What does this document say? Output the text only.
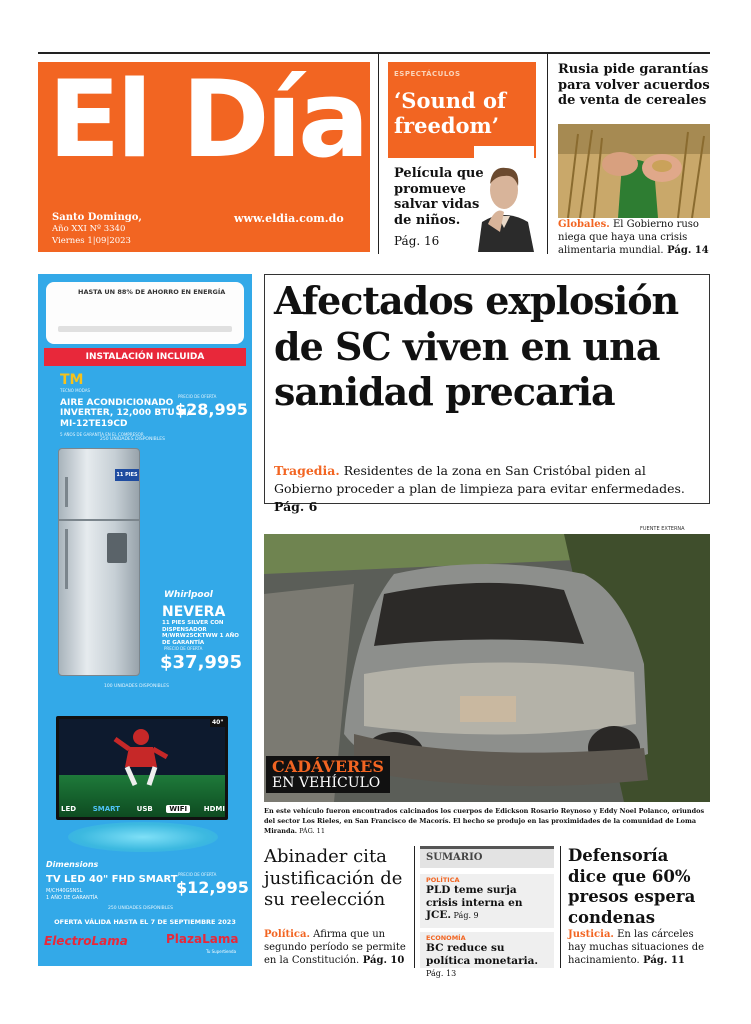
El Día
Santo Domingo,
Año XXI Nº 3340
Viernes 1|09|2023
www.eldia.com.do
ESPECTÁCULOS
‘Sound of freedom’
Película que promueve salvar vidas de niños.
Pág. 16
Rusia pide garantías para volver acuerdos de venta de cereales
Globales. El Gobierno ruso niega que haya una crisis alimentaria mundial. Pág. 14
HASTA UN 88% DE AHORRO EN ENERGÍA
INSTALACIÓN INCLUIDA
TM
TECNO MODAS
AIRE ACONDICIONADO INVERTER, 12,000 BTU M/ MI-12TE19CD
5 AÑOS DE GARANTÍA EN EL COMPRESOR
PRECIO DE OFERTA
$28,995
250 UNIDADES DISPONIBLES
11 PIES
Whirlpool
NEVERA
11 PIES SILVER CON DISPENSADOR M/WRW25CKTWW 1 AÑO DE GARANTÍA
PRECIO DE OFERTA
$37,995
100 UNIDADES DISPONIBLES
40"
LED	SMART	USB	WIFI	HDMI
Dimensions
TV LED 40" FHD SMART
M/CH40GSNSL
1 AÑO DE GARANTÍA
PRECIO DE OFERTA
$12,995
250 UNIDADES DISPONIBLES
OFERTA VÁLIDA HASTA EL 7 DE SEPTIEMBRE 2023
ElectroLama	PlazaLama
Tu Supertienda
Afectados explosión de SC viven en una sanidad precaria
Tragedia. Residentes de la zona en San Cristóbal piden al Gobierno proceder a plan de limpieza para evitar enfermedades. Pág. 6
FUENTE EXTERNA
CADÁVERES
EN VEHÍCULO
En este vehículo fueron encontrados calcinados los cuerpos de Edickson Rosario Reynoso y Eddy Noel Polanco, oriundos del sector Los Rieles, en San Francisco de Macorís. El hecho se produjo en las proximidades de la comunidad de Loma Miranda. PÁG. 11
Abinader cita justificación de su reelección
Política. Afirma que un segundo período se permite en la Constitución. Pág. 10
SUMARIO
POLÍTICA
PLD teme surja crisis interna en JCE. Pág. 9
ECONOMÍA
BC reduce su política monetaria. Pág. 13
Defensoría dice que 60% presos espera condenas
Justicia. En las cárceles hay muchas situaciones de hacinamiento. Pág. 11
